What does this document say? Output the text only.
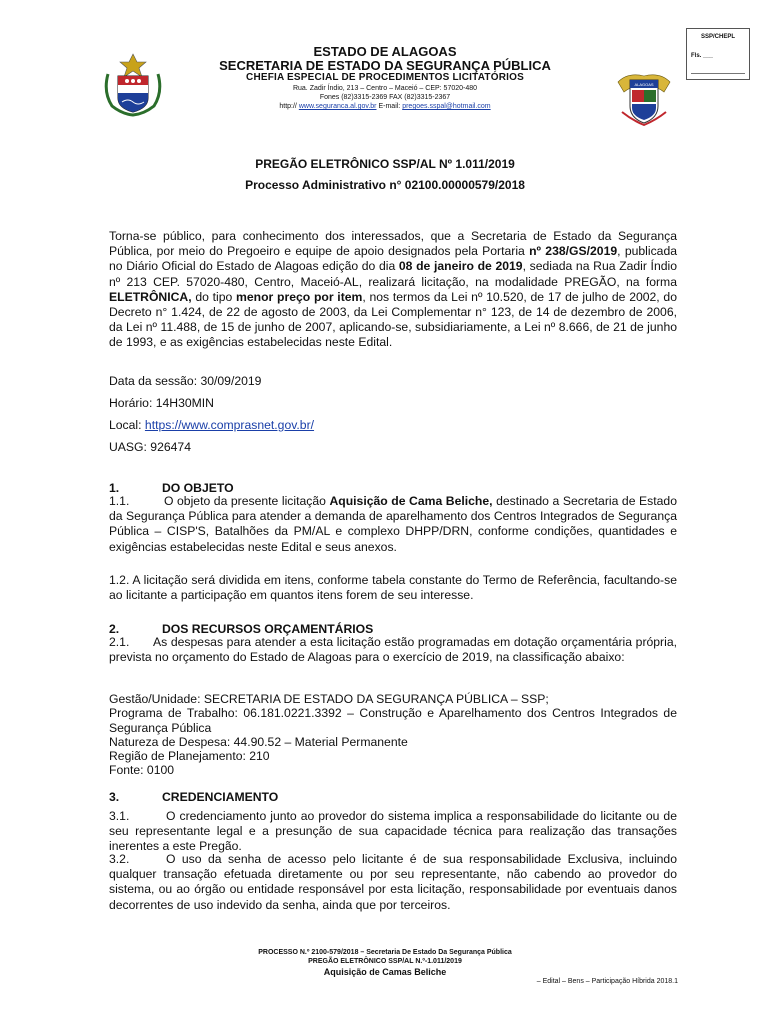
ALAGOAS
SSP/CHEPL
Fls. ___
ESTADO DE ALAGOAS
SECRETARIA DE ESTADO DA SEGURANÇA PÚBLICA
CHEFIA ESPECIAL DE PROCEDIMENTOS LICITATÓRIOS
Rua. Zadir Índio, 213 – Centro – Maceió – CEP: 57020-480
Fones (82)3315-2369 FAX (82)3315-2367
http:// www.seguranca.al.gov.br E-mail: pregoes.sspal@hotmail.com
PREGÃO ELETRÔNICO SSP/AL Nº 1.011/2019
Processo Administrativo n° 02100.00000579/2018
Torna-se público, para conhecimento dos interessados, que a Secretaria de Estado da Segurança Pública, por meio do Pregoeiro e equipe de apoio designados pela Portaria nº 238/GS/2019, publicada no Diário Oficial do Estado de Alagoas edição do dia 08 de janeiro de 2019, sediada na Rua Zadir Índio nº 213 CEP. 57020-480, Centro, Maceió-AL, realizará licitação, na modalidade PREGÃO, na forma ELETRÔNICA, do tipo menor preço por item, nos termos da Lei nº 10.520, de 17 de julho de 2002, do Decreto n° 1.424, de 22 de agosto de 2003, da Lei Complementar n° 123, de 14 de dezembro de 2006, da Lei nº 11.488, de 15 de junho de 2007, aplicando-se, subsidiariamente, a Lei nº 8.666, de 21 de junho de 1993, e as exigências estabelecidas neste Edital.
Data da sessão: 30/09/2019
Horário: 14H30MIN
Local: https://www.comprasnet.gov.br/
UASG: 926474
1.	DO OBJETO
1.1.	O objeto da presente licitação Aquisição de Cama Beliche, destinado a Secretaria de Estado da Segurança Pública para atender a demanda de aparelhamento dos Centros Integrados de Segurança Pública – CISP'S, Batalhões da PM/AL e complexo DHPP/DRN, conforme condições, quantidades e exigências estabelecidas neste Edital e seus anexos.
1.2. A licitação será dividida em itens, conforme tabela constante do Termo de Referência, facultando-se ao licitante a participação em quantos itens forem de seu interesse.
2.	DOS RECURSOS ORÇAMENTÁRIOS
2.1. As despesas para atender a esta licitação estão programadas em dotação orçamentária própria, prevista no orçamento do Estado de Alagoas para o exercício de 2019, na classificação abaixo:
Gestão/Unidade: SECRETARIA DE ESTADO DA SEGURANÇA PÚBLICA – SSP;
Programa de Trabalho: 06.181.0221.3392 – Construção e Aparelhamento dos Centros Integrados de Segurança Pública
Natureza de Despesa: 44.90.52 – Material Permanente
Região de Planejamento: 210
Fonte: 0100
3.	CREDENCIAMENTO
3.1.	O credenciamento junto ao provedor do sistema implica a responsabilidade do licitante ou de seu representante legal e a presunção de sua capacidade técnica para realização das transações inerentes a este Pregão.
3.2.	O uso da senha de acesso pelo licitante é de sua responsabilidade Exclusiva, incluindo qualquer transação efetuada diretamente ou por seu representante, não cabendo ao provedor do sistema, ou ao órgão ou entidade responsável por esta licitação, responsabilidade por eventuais danos decorrentes de uso indevido da senha, ainda que por terceiros.
PROCESSO N.º 2100-579/2018 – Secretaria De Estado Da Segurança Pública
PREGÃO ELETRÔNICO SSP/AL N.º-1.011/2019
Aquisição de Camas Beliche
– Edital – Bens – Participação Híbrida 2018.1
